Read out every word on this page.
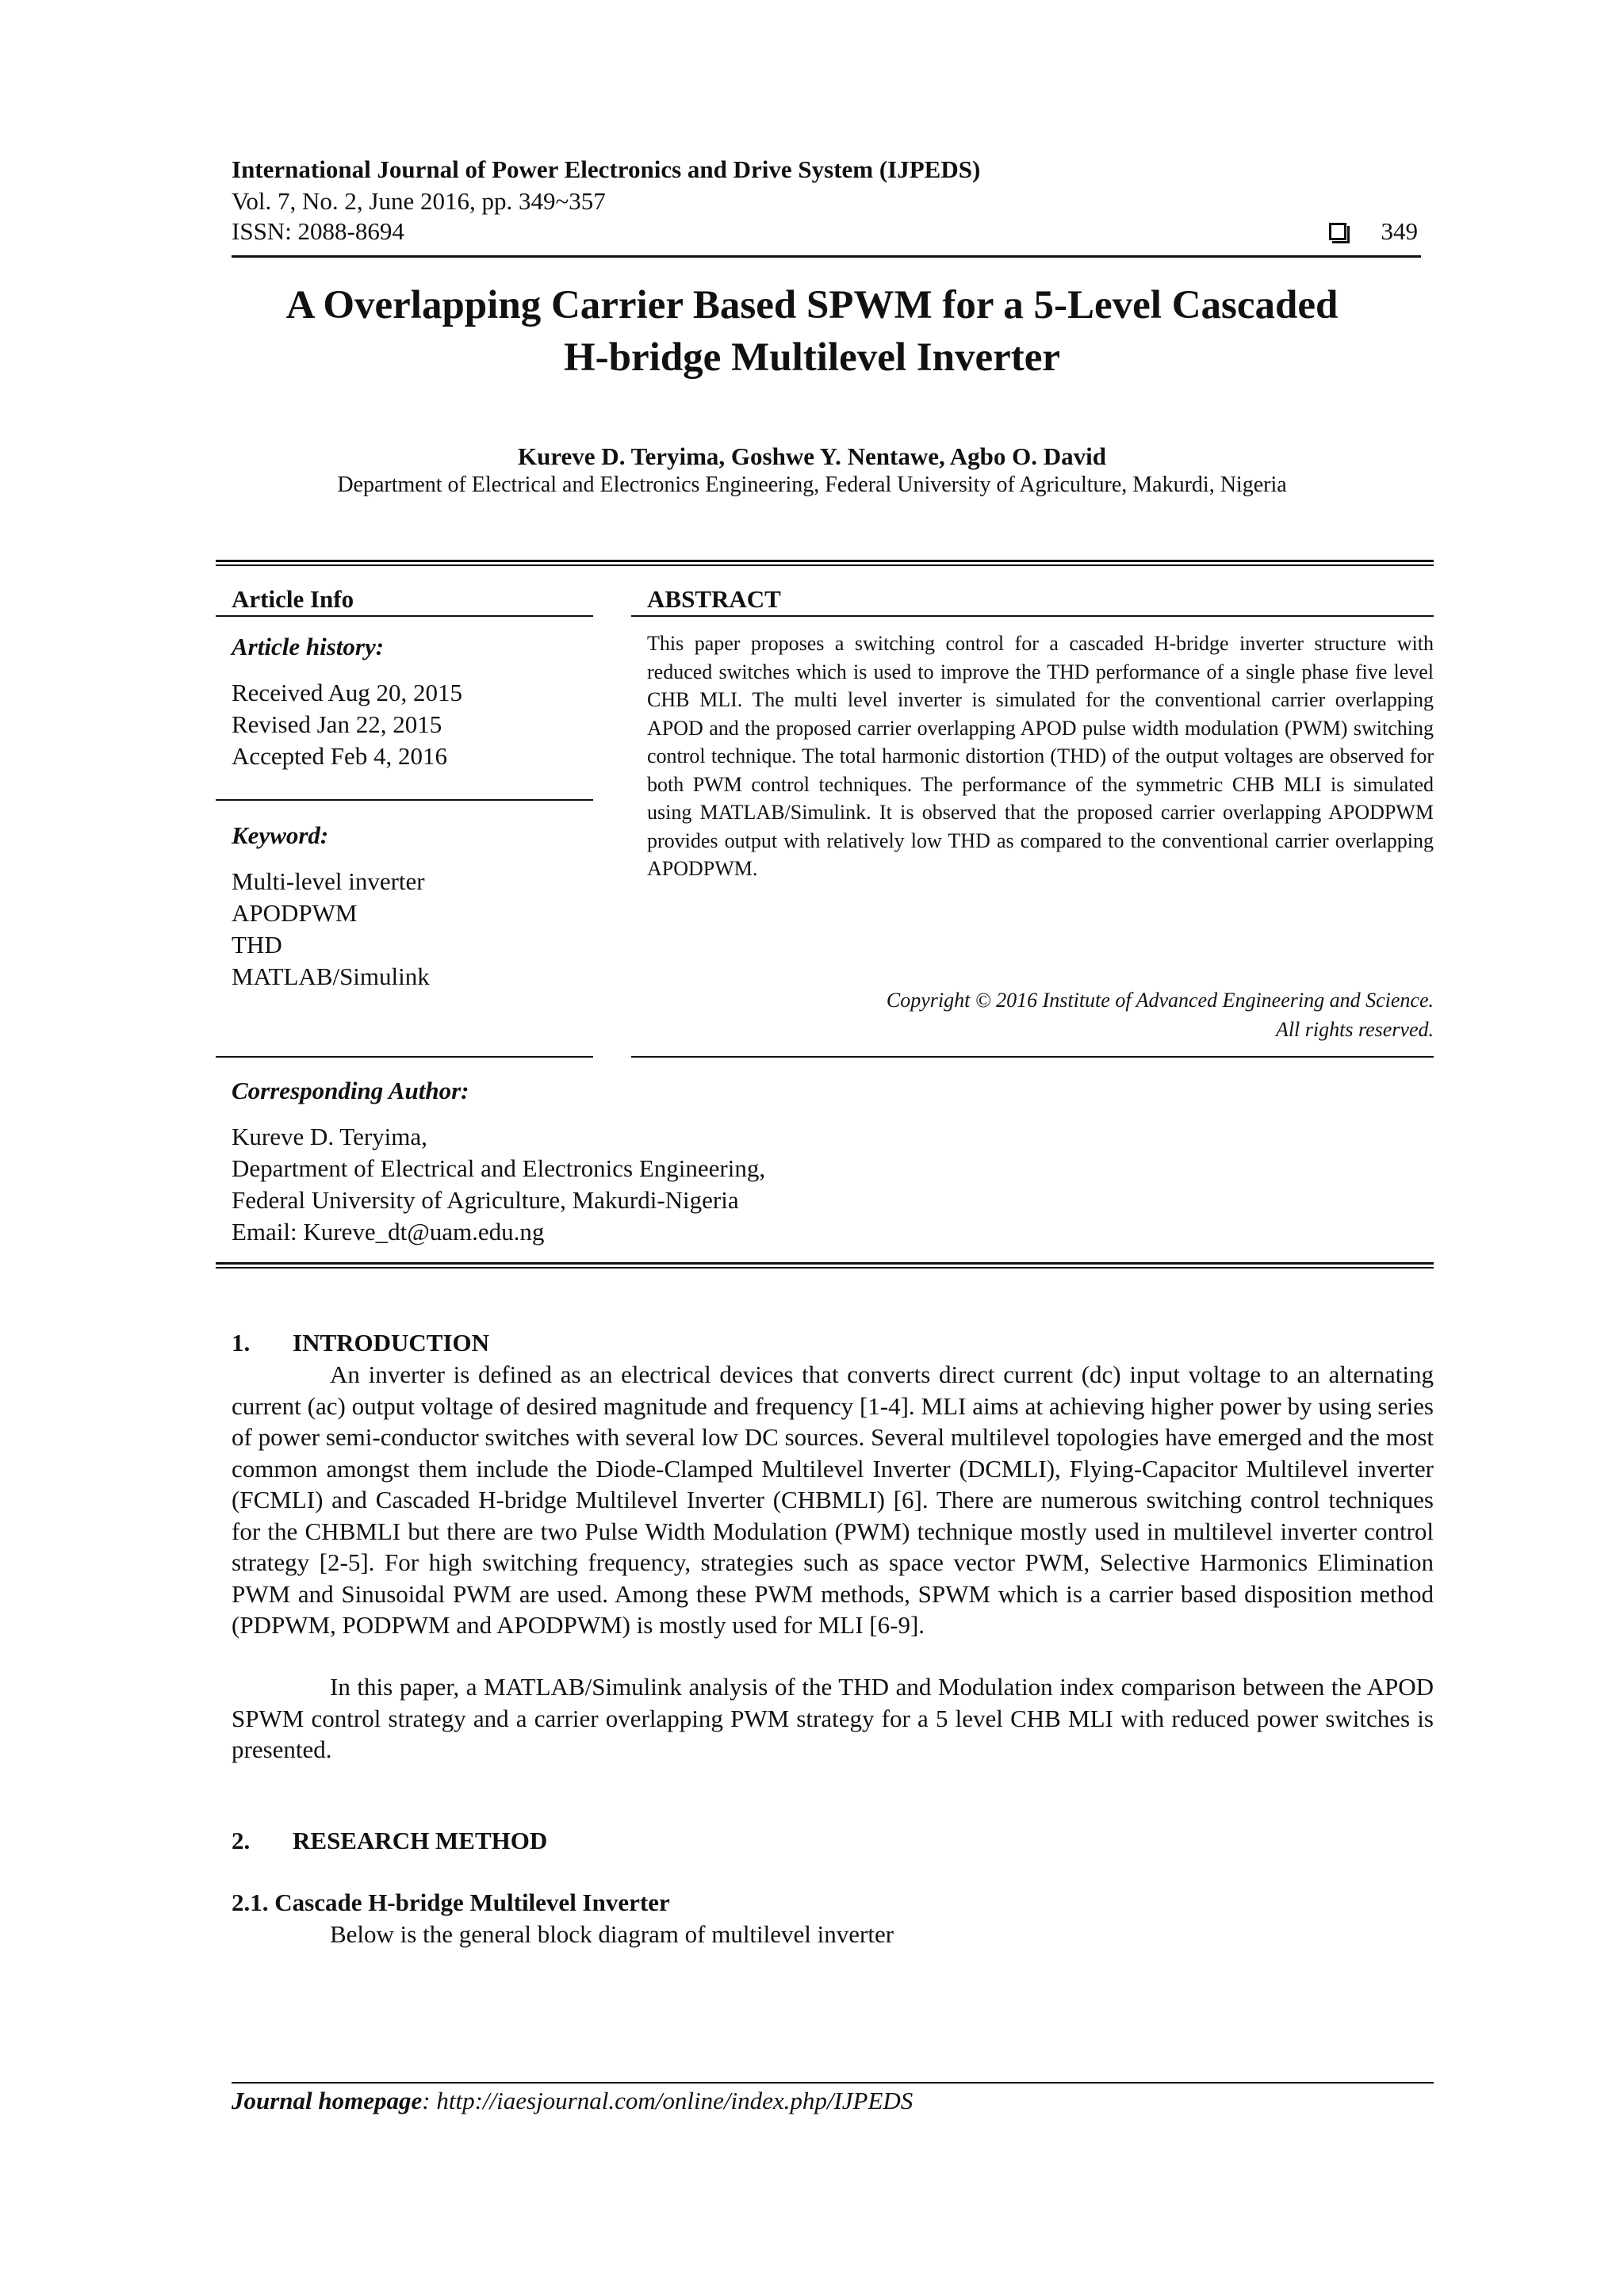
International Journal of Power Electronics and Drive System (IJPEDS)
Vol. 7, No. 2, June 2016, pp. 349~357
ISSN: 2088-8694	349
A Overlapping Carrier Based SPWM for a 5-Level Cascaded
H-bridge Multilevel Inverter
Kureve D. Teryima, Goshwe Y. Nentawe, Agbo O. David
Department of Electrical and Electronics Engineering, Federal University of Agriculture, Makurdi, Nigeria
Article Info
Article history:
Received Aug 20, 2015
Revised Jan 22, 2015
Accepted Feb 4, 2016
Keyword:
Multi-level inverter
APODPWM
THD
MATLAB/Simulink
ABSTRACT
This paper proposes a switching control for a cascaded H-bridge inverter structure with reduced switches which is used to improve the THD performance of a single phase five level CHB MLI. The multi level inverter is simulated for the conventional carrier overlapping APOD and the proposed carrier overlapping APOD pulse width modulation (PWM) switching control technique. The total harmonic distortion (THD) of the output voltages are observed for both PWM control techniques. The performance of the symmetric CHB MLI is simulated using MATLAB/Simulink. It is observed that the proposed carrier overlapping APODPWM provides output with relatively low THD as compared to the conventional carrier overlapping APODPWM.
Copyright © 2016 Institute of Advanced Engineering and Science.
All rights reserved.
Corresponding Author:
Kureve D. Teryima,
Department of Electrical and Electronics Engineering,
Federal University of Agriculture, Makurdi-Nigeria
Email: Kureve_dt@uam.edu.ng
1. INTRODUCTION
An inverter is defined as an electrical devices that converts direct current (dc) input voltage to an alternating current (ac) output voltage of desired magnitude and frequency [1-4]. MLI aims at achieving higher power by using series of power semi-conductor switches with several low DC sources. Several multilevel topologies have emerged and the most common amongst them include the Diode-Clamped Multilevel Inverter (DCMLI), Flying-Capacitor Multilevel inverter (FCMLI) and Cascaded H-bridge Multilevel Inverter (CHBMLI) [6]. There are numerous switching control techniques for the CHBMLI but there are two Pulse Width Modulation (PWM) technique mostly used in multilevel inverter control strategy [2-5]. For high switching frequency, strategies such as space vector PWM, Selective Harmonics Elimination PWM and Sinusoidal PWM are used. Among these PWM methods, SPWM which is a carrier based disposition method (PDPWM, PODPWM and APODPWM) is mostly used for MLI [6-9].
In this paper, a MATLAB/Simulink analysis of the THD and Modulation index comparison between the APOD SPWM control strategy and a carrier overlapping PWM strategy for a 5 level CHB MLI with reduced power switches is presented.
2. RESEARCH METHOD
2.1. Cascade H-bridge Multilevel Inverter
Below is the general block diagram of multilevel inverter
Journal homepage: http://iaesjournal.com/online/index.php/IJPEDS
